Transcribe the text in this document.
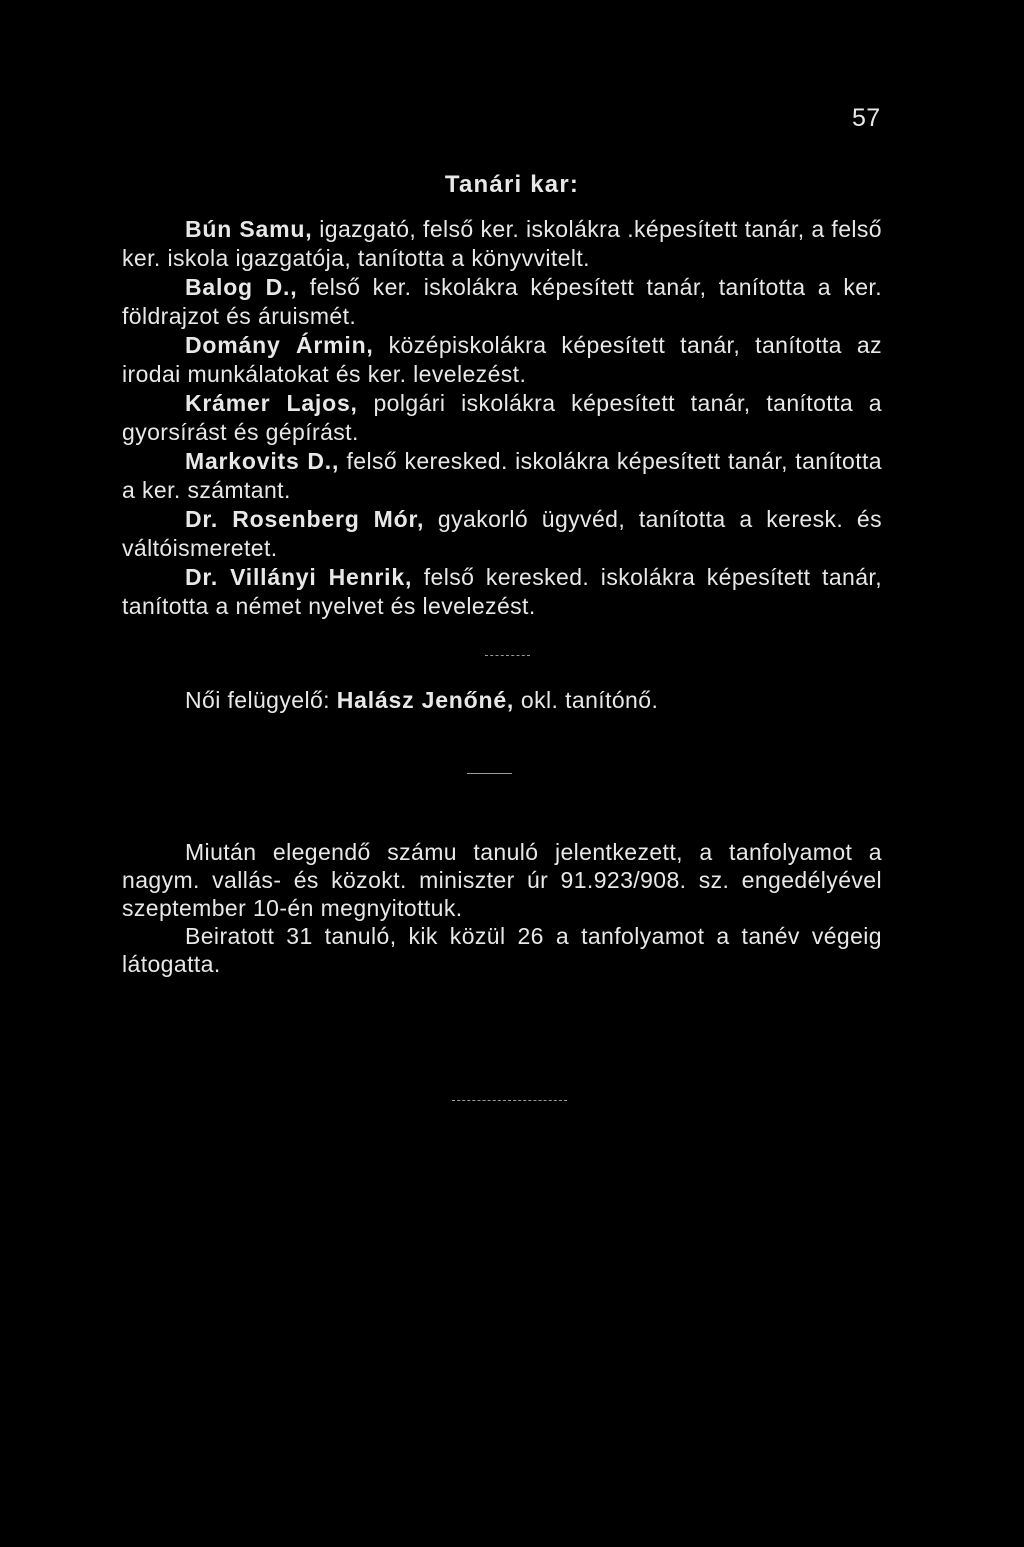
57
Tanári kar:

Bún Samu, igazgató, felső ker. iskolákra .képesített tanár, a felső ker. iskola igazgatója, tanította a könyvvitelt.

Balog D., felső ker. iskolákra képesített tanár, tanította a ker. földrajzot és áruismét.

Domány Ármin, középiskolákra képesített tanár, tanította az irodai munkálatokat és ker. levelezést.

Krámer Lajos, polgári iskolákra képesített tanár, tanította a gyorsírást és gépírást.

Markovits D., felső keresked. iskolákra képesített tanár, tanította a ker. számtant.

Dr. Rosenberg Mór, gyakorló ügyvéd, tanította a keresk. és váltóismeretet.

Dr. Villányi Henrik, felső keresked. iskolákra képesített tanár, tanította a német nyelvet és levelezést.

Női felügyelő: Halász Jenőné, okl. tanítónő.

Miután elegendő számu tanuló jelentkezett, a tanfolyamot a nagym. vallás- és közokt. miniszter úr 91.923/908. sz. engedélyével szeptember 10-én megnyitottuk.

Beiratott 31 tanuló, kik közül 26 a tanfolyamot a tanév végeig látogatta.
